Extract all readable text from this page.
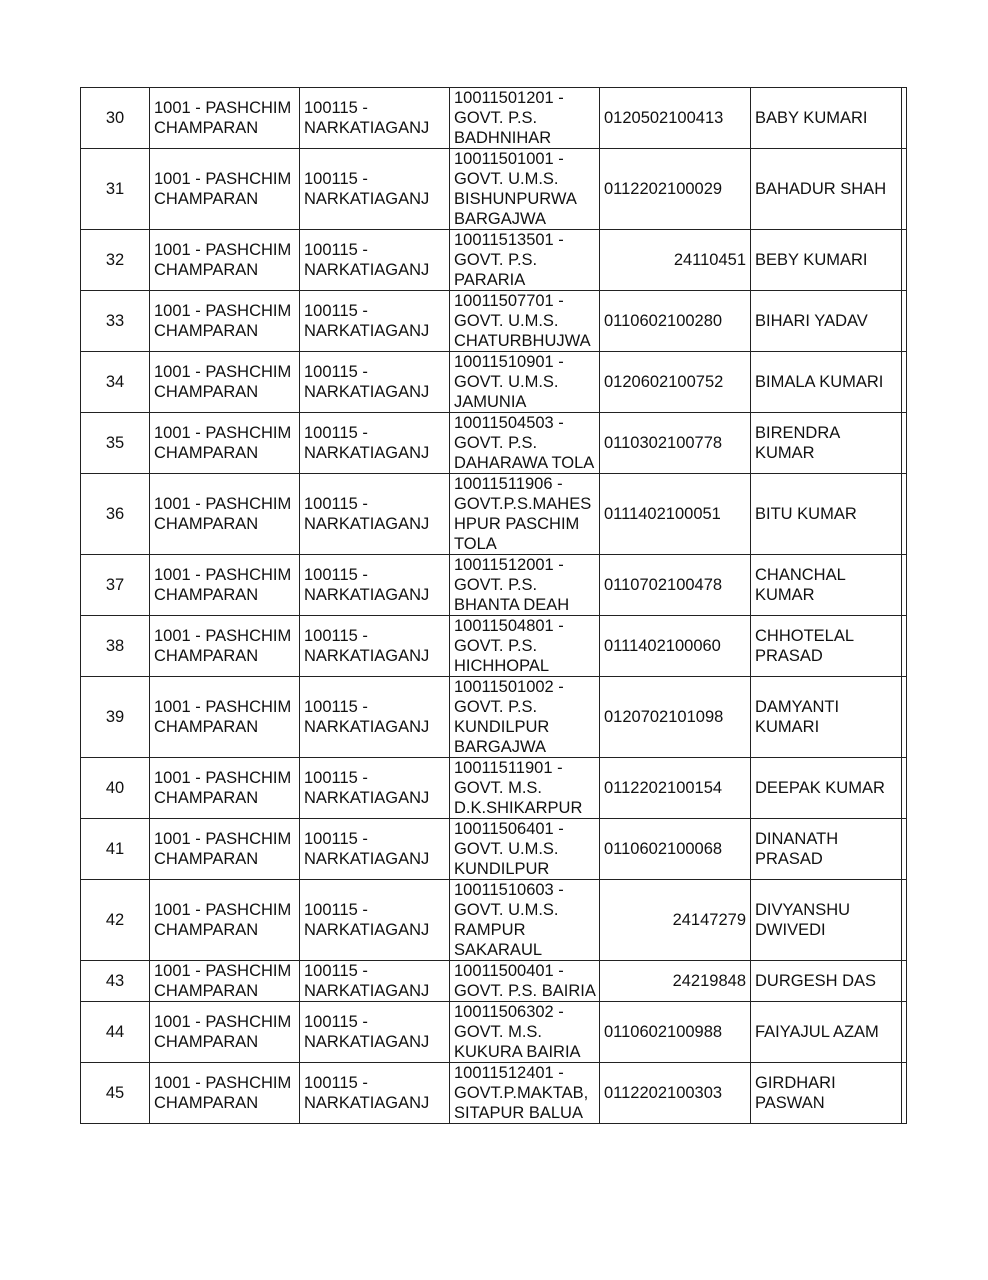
30	1001 - PASHCHIM
CHAMPARAN	100115 -
NARKATIAGANJ	10011501201 -
GOVT. P.S.
BADHNIHAR	0120502100413	BABY KUMARI	

31	1001 - PASHCHIM
CHAMPARAN	100115 -
NARKATIAGANJ	10011501001 -
GOVT. U.M.S.
BISHUNPURWA
BARGAJWA	0112202100029	BAHADUR SHAH	

32	1001 - PASHCHIM
CHAMPARAN	100115 -
NARKATIAGANJ	10011513501 -
GOVT. P.S.
PARARIA	24110451	BEBY KUMARI	

33	1001 - PASHCHIM
CHAMPARAN	100115 -
NARKATIAGANJ	10011507701 -
GOVT. U.M.S.
CHATURBHUJWA	0110602100280	BIHARI YADAV	

34	1001 - PASHCHIM
CHAMPARAN	100115 -
NARKATIAGANJ	10011510901 -
GOVT. U.M.S.
JAMUNIA	0120602100752	BIMALA KUMARI	

35	1001 - PASHCHIM
CHAMPARAN	100115 -
NARKATIAGANJ	10011504503 -
GOVT. P.S.
DAHARAWA TOLA	0110302100778	BIRENDRA
KUMAR	

36	1001 - PASHCHIM
CHAMPARAN	100115 -
NARKATIAGANJ	10011511906 -
GOVT.P.S.MAHES
HPUR PASCHIM
TOLA	0111402100051	BITU KUMAR	

37	1001 - PASHCHIM
CHAMPARAN	100115 -
NARKATIAGANJ	10011512001 -
GOVT. P.S.
BHANTA DEAH	0110702100478	CHANCHAL
KUMAR	

38	1001 - PASHCHIM
CHAMPARAN	100115 -
NARKATIAGANJ	10011504801 -
GOVT. P.S.
HICHHOPAL	0111402100060	CHHOTELAL
PRASAD	

39	1001 - PASHCHIM
CHAMPARAN	100115 -
NARKATIAGANJ	10011501002 -
GOVT. P.S.
KUNDILPUR
BARGAJWA	0120702101098	DAMYANTI
KUMARI	

40	1001 - PASHCHIM
CHAMPARAN	100115 -
NARKATIAGANJ	10011511901 -
GOVT. M.S.
D.K.SHIKARPUR	0112202100154	DEEPAK KUMAR	

41	1001 - PASHCHIM
CHAMPARAN	100115 -
NARKATIAGANJ	10011506401 -
GOVT. U.M.S.
KUNDILPUR	0110602100068	DINANATH
PRASAD	

42	1001 - PASHCHIM
CHAMPARAN	100115 -
NARKATIAGANJ	10011510603 -
GOVT. U.M.S.
RAMPUR
SAKARAUL	24147279	DIVYANSHU
DWIVEDI	

43	1001 - PASHCHIM
CHAMPARAN	100115 -
NARKATIAGANJ	10011500401 -
GOVT. P.S. BAIRIA	24219848	DURGESH DAS	

44	1001 - PASHCHIM
CHAMPARAN	100115 -
NARKATIAGANJ	10011506302 -
GOVT. M.S.
KUKURA BAIRIA	0110602100988	FAIYAJUL AZAM	

45	1001 - PASHCHIM
CHAMPARAN	100115 -
NARKATIAGANJ	10011512401 -
GOVT.P.MAKTAB,
SITAPUR BALUA	0112202100303	GIRDHARI
PASWAN	
